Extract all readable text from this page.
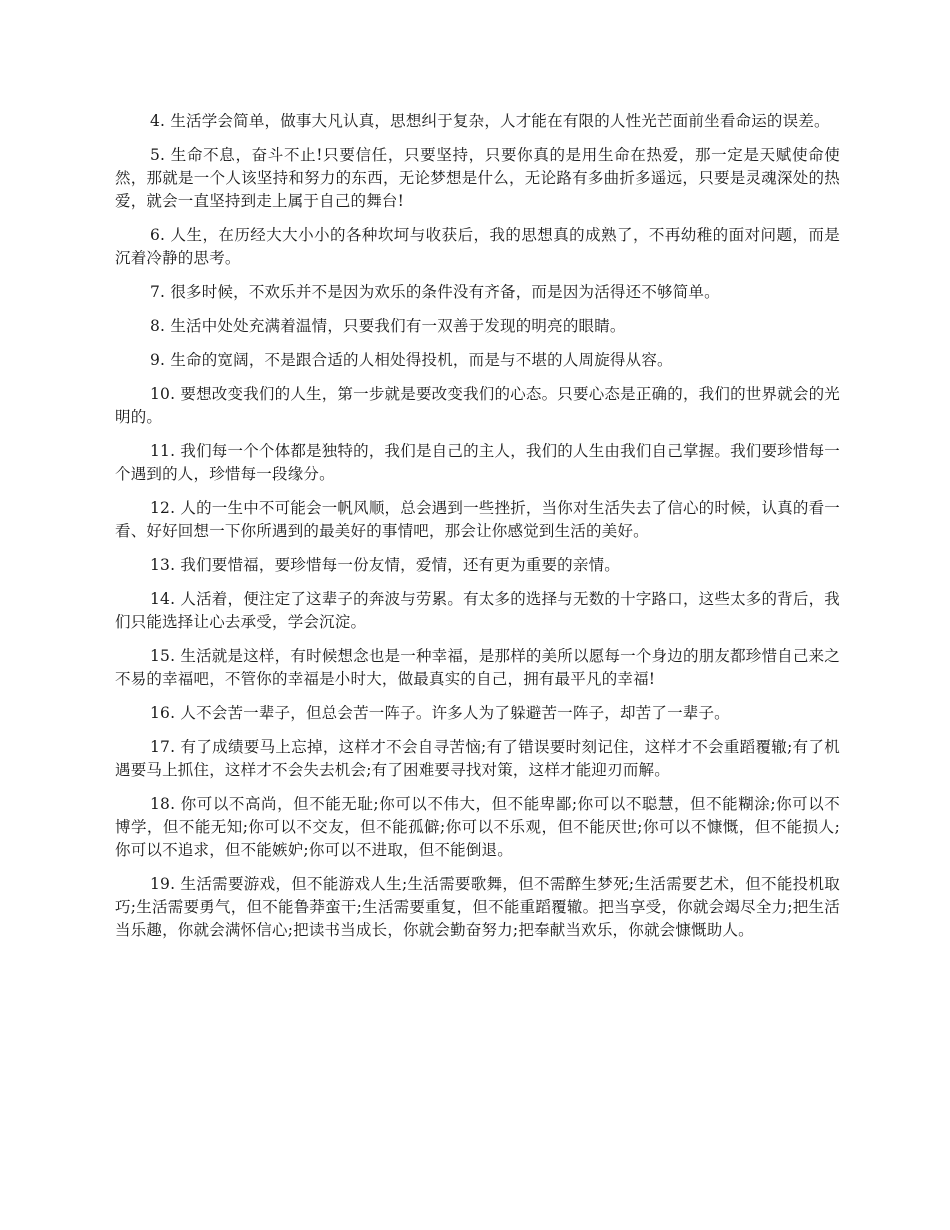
4. 生活学会简单，做事大凡认真，思想纠于复杂，人才能在有限的人性光芒面前坐看命运的误差。

5. 生命不息，奋斗不止!只要信任，只要坚持，只要你真的是用生命在热爱，那一定是天赋使命使然，那就是一个人该坚持和努力的东西，无论梦想是什么，无论路有多曲折多遥远，只要是灵魂深处的热爱，就会一直坚持到走上属于自己的舞台!

6. 人生，在历经大大小小的各种坎坷与收获后，我的思想真的成熟了，不再幼稚的面对问题，而是沉着冷静的思考。

7. 很多时候，不欢乐并不是因为欢乐的条件没有齐备，而是因为活得还不够简单。

8. 生活中处处充满着温情，只要我们有一双善于发现的明亮的眼睛。

9. 生命的宽阔，不是跟合适的人相处得投机，而是与不堪的人周旋得从容。

10. 要想改变我们的人生，第一步就是要改变我们的心态。只要心态是正确的，我们的世界就会的光明的。

11. 我们每一个个体都是独特的，我们是自己的主人，我们的人生由我们自己掌握。我们要珍惜每一个遇到的人，珍惜每一段缘分。

12. 人的一生中不可能会一帆风顺，总会遇到一些挫折，当你对生活失去了信心的时候，认真的看一看、好好回想一下你所遇到的最美好的事情吧，那会让你感觉到生活的美好。

13. 我们要惜福，要珍惜每一份友情，爱情，还有更为重要的亲情。

14. 人活着，便注定了这辈子的奔波与劳累。有太多的选择与无数的十字路口，这些太多的背后，我们只能选择让心去承受，学会沉淀。

15. 生活就是这样，有时候想念也是一种幸福，是那样的美所以愿每一个身边的朋友都珍惜自己来之不易的幸福吧，不管你的幸福是小时大，做最真实的自己，拥有最平凡的幸福!

16. 人不会苦一辈子，但总会苦一阵子。许多人为了躲避苦一阵子，却苦了一辈子。

17. 有了成绩要马上忘掉，这样才不会自寻苦恼;有了错误要时刻记住，这样才不会重蹈覆辙;有了机遇要马上抓住，这样才不会失去机会;有了困难要寻找对策，这样才能迎刃而解。

18. 你可以不高尚，但不能无耻;你可以不伟大，但不能卑鄙;你可以不聪慧，但不能糊涂;你可以不博学，但不能无知;你可以不交友，但不能孤僻;你可以不乐观，但不能厌世;你可以不慷慨，但不能损人;你可以不追求，但不能嫉妒;你可以不进取，但不能倒退。

19. 生活需要游戏，但不能游戏人生;生活需要歌舞，但不需醉生梦死;生活需要艺术，但不能投机取巧;生活需要勇气，但不能鲁莽蛮干;生活需要重复，但不能重蹈覆辙。把当享受，你就会竭尽全力;把生活当乐趣，你就会满怀信心;把读书当成长，你就会勤奋努力;把奉献当欢乐，你就会慷慨助人。
